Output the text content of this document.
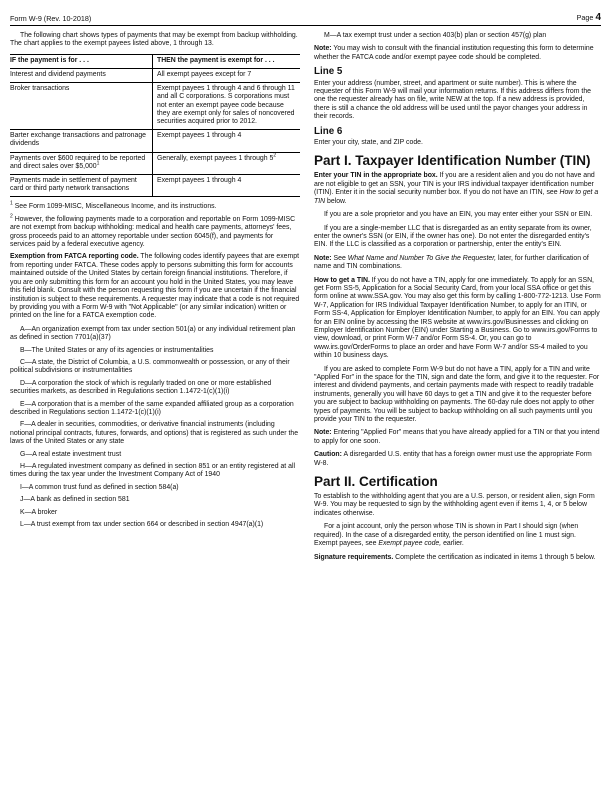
Form W-9 (Rev. 10-2018)	Page 4

The following chart shows types of payments that may be exempt from backup withholding. The chart applies to the exempt payees listed above, 1 through 13.

IF the payment is for . . .	THEN the payment is exempt for . . .
Interest and dividend payments	All exempt payees except for 7
Broker transactions	Exempt payees 1 through 4 and 6 through 11 and all C corporations. S corporations must not enter an exempt payee code because they are exempt only for sales of noncovered securities acquired prior to 2012.
Barter exchange transactions and patronage dividends	Exempt payees 1 through 4
Payments over $600 required to be reported and direct sales over $5,000$^1$	Generally, exempt payees 1 through $5^2$
Payments made in settlement of payment card or third party network transactions	Exempt payees 1 through 4

$^1$ See Form 1099-MISC, Miscellaneous Income, and its instructions.

$^2$ However, the following payments made to a corporation and reportable on Form 1099-MISC are not exempt from backup withholding: medical and health care payments, attorneys' fees, gross proceeds paid to an attorney reportable under section 6045(f), and payments for services paid by a federal executive agency.

Exemption from FATCA reporting code. The following codes identify payees that are exempt from reporting under FATCA. These codes apply to persons submitting this form for accounts maintained outside of the United States by certain foreign financial institutions. Therefore, if you are only submitting this form for an account you hold in the United States, you may leave this field blank. Consult with the person requesting this form if you are uncertain if the financial institution is subject to these requirements. A requester may indicate that a code is not required by providing you with a Form W-9 with "Not Applicable" (or any similar indication) written or printed on the line for a FATCA exemption code.

A—An organization exempt from tax under section 501(a) or any individual retirement plan as defined in section 7701(a)(37)

B—The United States or any of its agencies or instrumentalities

C—A state, the District of Columbia, a U.S. commonwealth or possession, or any of their political subdivisions or instrumentalities

D—A corporation the stock of which is regularly traded on one or more established securities markets, as described in Regulations section 1.1472-1(c)(1)(i)

E—A corporation that is a member of the same expanded affiliated group as a corporation described in Regulations section 1.1472-1(c)(1)(i)

F—A dealer in securities, commodities, or derivative financial instruments (including notional principal contracts, futures, forwards, and options) that is registered as such under the laws of the United States or any state

G—A real estate investment trust

H—A regulated investment company as defined in section 851 or an entity registered at all times during the tax year under the Investment Company Act of 1940

I—A common trust fund as defined in section 584(a)

J—A bank as defined in section 581

K—A broker

L—A trust exempt from tax under section 664 or described in section 4947(a)(1)

M—A tax exempt trust under a section 403(b) plan or section 457(g) plan

Note: You may wish to consult with the financial institution requesting this form to determine whether the FATCA code and/or exempt payee code should be completed.

Line 5

Enter your address (number, street, and apartment or suite number). This is where the requester of this Form W-9 will mail your information returns. If this address differs from the one the requester already has on file, write NEW at the top. If a new address is provided, there is still a chance the old address will be used until the payor changes your address in their records.

Line 6

Enter your city, state, and ZIP code.

Part I. Taxpayer Identification Number (TIN)

Enter your TIN in the appropriate box. If you are a resident alien and you do not have and are not eligible to get an SSN, your TIN is your IRS individual taxpayer identification number (ITIN). Enter it in the social security number box. If you do not have an ITIN, see How to get a TIN below.

If you are a sole proprietor and you have an EIN, you may enter either your SSN or EIN.

If you are a single-member LLC that is disregarded as an entity separate from its owner, enter the owner's SSN (or EIN, if the owner has one). Do not enter the disregarded entity's EIN. If the LLC is classified as a corporation or partnership, enter the entity's EIN.

Note: See What Name and Number To Give the Requester, later, for further clarification of name and TIN combinations.

How to get a TIN. If you do not have a TIN, apply for one immediately. To apply for an SSN, get Form SS-5, Application for a Social Security Card, from your local SSA office or get this form online at www.SSA.gov. You may also get this form by calling 1-800-772-1213. Use Form W-7, Application for IRS Individual Taxpayer Identification Number, to apply for an ITIN, or Form SS-4, Application for Employer Identification Number, to apply for an EIN. You can apply for an EIN online by accessing the IRS website at www.irs.gov/Businesses and clicking on Employer Identification Number (EIN) under Starting a Business. Go to www.irs.gov/Forms to view, download, or print Form W-7 and/or Form SS-4. Or, you can go to www.irs.gov/OrderForms to place an order and have Form W-7 and/or SS-4 mailed to you within 10 business days.

If you are asked to complete Form W-9 but do not have a TIN, apply for a TIN and write "Applied For" in the space for the TIN, sign and date the form, and give it to the requester. For interest and dividend payments, and certain payments made with respect to readily tradable instruments, generally you will have 60 days to get a TIN and give it to the requester before you are subject to backup withholding on payments. The 60-day rule does not apply to other types of payments. You will be subject to backup withholding on all such payments until you provide your TIN to the requester.

Note: Entering "Applied For" means that you have already applied for a TIN or that you intend to apply for one soon.

Caution: A disregarded U.S. entity that has a foreign owner must use the appropriate Form W-8.

Part II. Certification

To establish to the withholding agent that you are a U.S. person, or resident alien, sign Form W-9. You may be requested to sign by the withholding agent even if items 1, 4, or 5 below indicates otherwise.

For a joint account, only the person whose TIN is shown in Part I should sign (when required). In the case of a disregarded entity, the person identified on line 1 must sign. Exempt payees, see Exempt payee code, earlier.

Signature requirements. Complete the certification as indicated in items 1 through 5 below.
